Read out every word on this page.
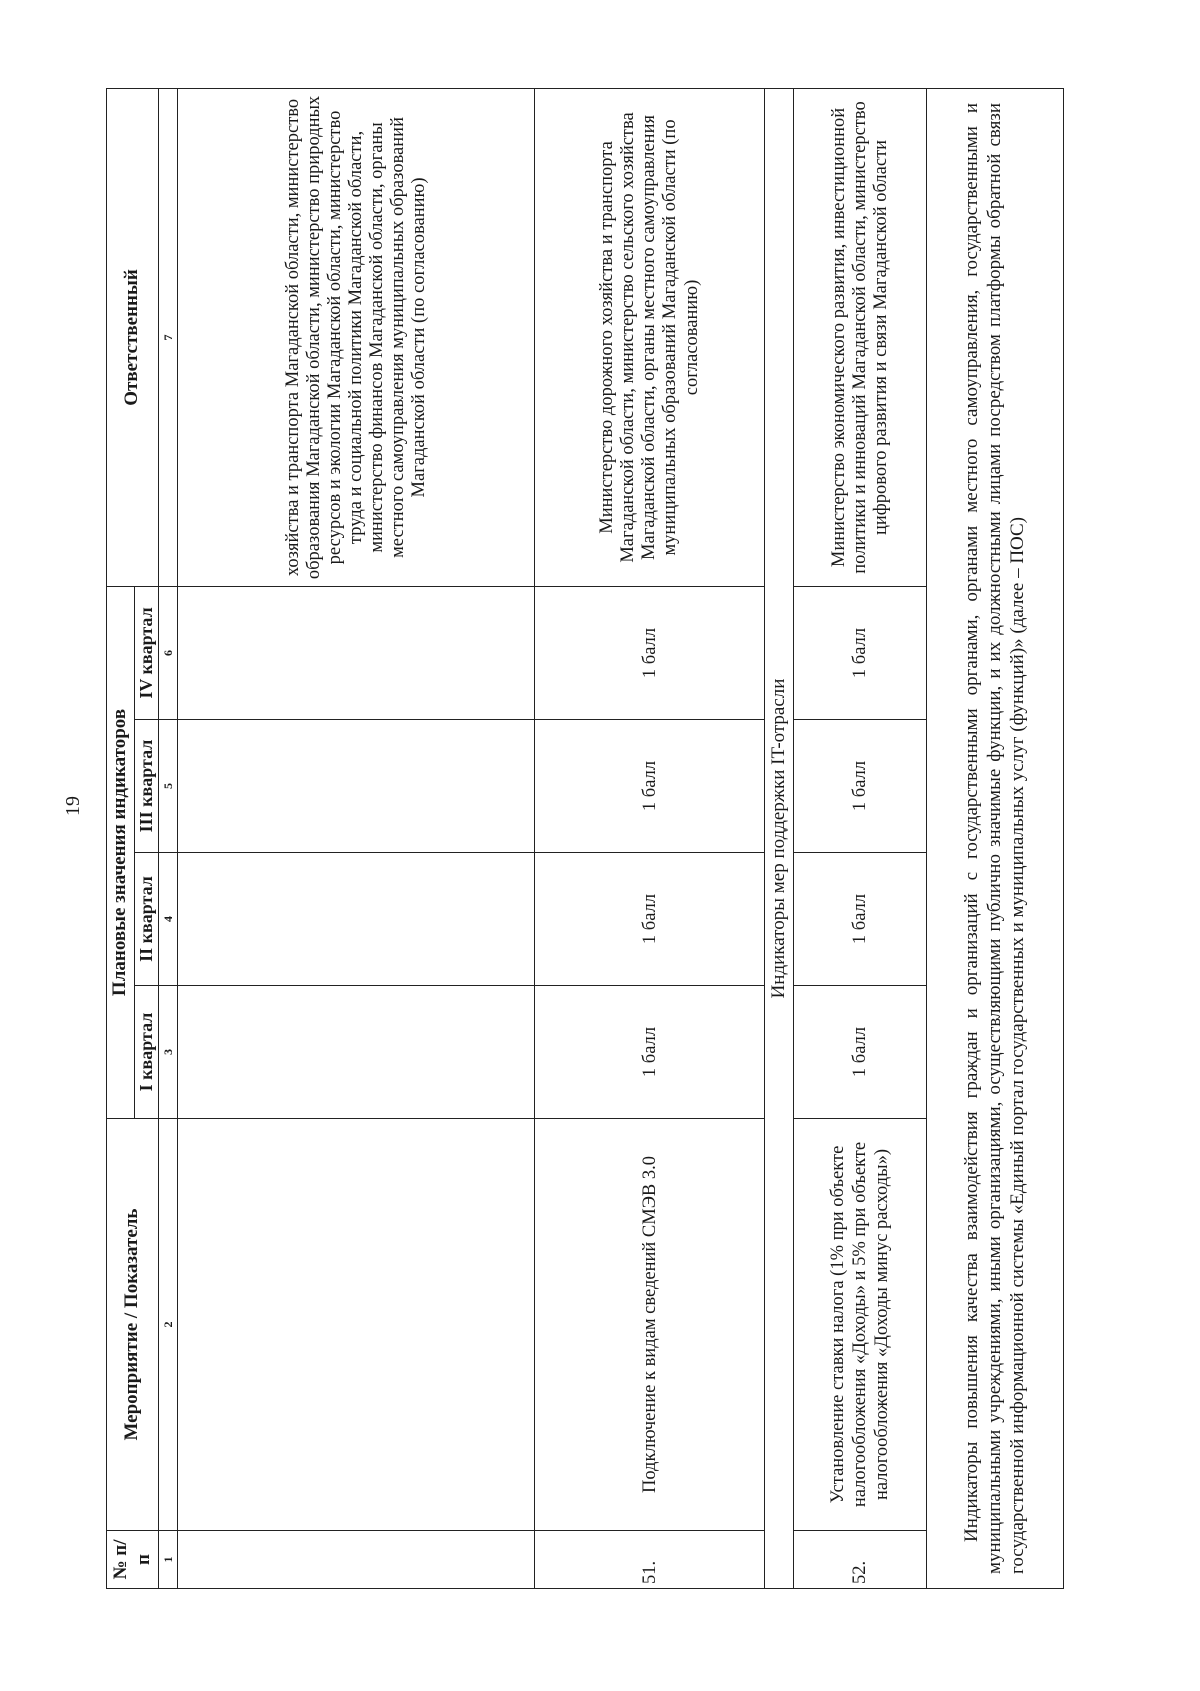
19
№ п/п	Мероприятие / Показатель	Плановые значения индикаторов				Ответственный
		I квартал	II квартал	III квартал	IV квартал	
1	2	3	4	5	6	7
						хозяйства и транспорта Магаданской области, министерство образования Магаданской области, министерство природных ресурсов и экологии Магаданской области, министерство труда и социальной политики Магаданской области, министерство финансов Магаданской области, органы местного самоуправления муниципальных образований Магаданской области (по согласованию)
51.	Подключение к видам сведений СМЭВ 3.0	1 балл	1 балл	1 балл	1 балл	Министерство дорожного хозяйства и транспорта Магаданской области, министерство сельского хозяйства Магаданской области, органы местного самоуправления муниципальных образований Магаданской области (по согласованию)
Индикаторы мер поддержки IT-отрасли						
52.	Установление ставки налога (1% при объекте налогообложения «Доходы» и 5% при объекте налогообложения «Доходы минус расходы»)	1 балл	1 балл	1 балл	1 балл	Министерство экономического развития, инвестиционной политики и инноваций Магаданской области, министерство цифрового развития и связи Магаданской области
Индикаторы повышения качества взаимодействия граждан и организаций с государственными органами, органами местного самоуправления, государственными и муниципальными учреждениями, иными организациями, осуществляющими публично значимые функции, и их должностными лицами посредством платформы обратной связи государственной информационной системы «Единый портал государственных и муниципальных услуг (функций)» (далее – ПОС)						
